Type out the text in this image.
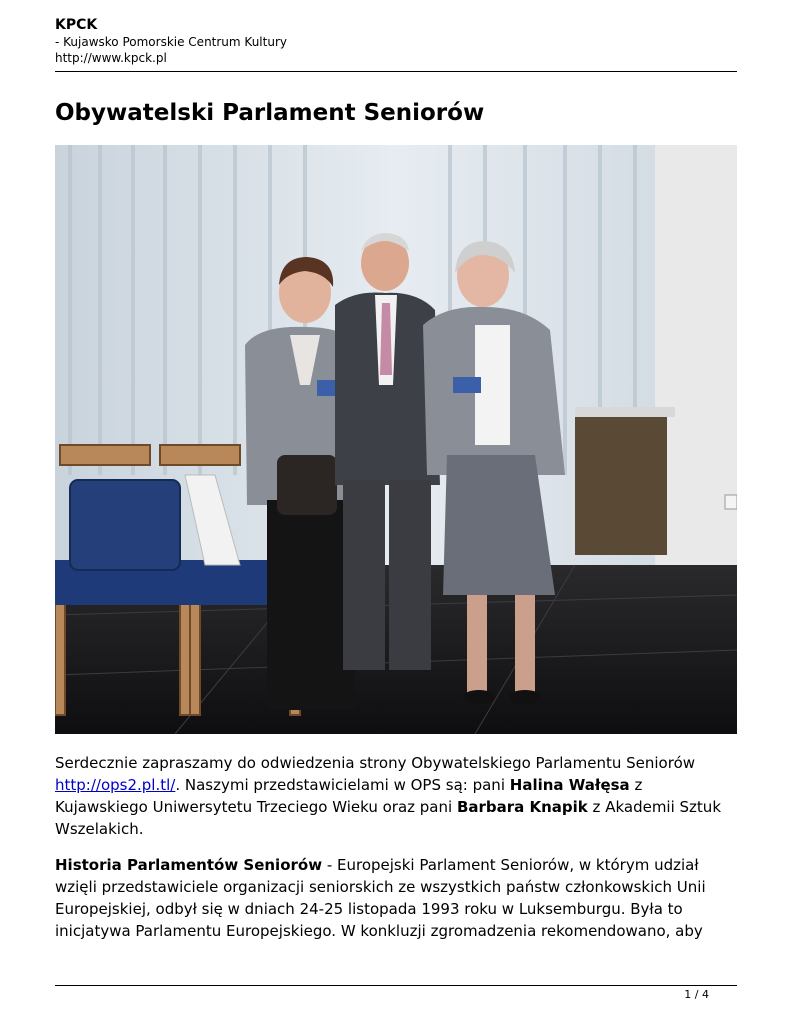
KPCK
- Kujawsko Pomorskie Centrum Kultury
http://www.kpck.pl
Obywatelski Parlament Seniorów

Serdecznie zapraszamy do odwiedzenia strony Obywatelskiego Parlamentu Seniorów http://ops2.pl.tl/. Naszymi przedstawicielami w OPS są: pani Halina Wałęsa z Kujawskiego Uniwersytetu Trzeciego Wieku oraz pani Barbara Knapik z Akademii Sztuk Wszelakich.

Historia Parlamentów Seniorów - Europejski Parlament Seniorów, w którym udział wzięli przedstawiciele organizacji seniorskich ze wszystkich państw członkowskich Unii Europejskiej, odbył się w dniach 24-25 listopada 1993 roku w Luksemburgu. Była to inicjatywa Parlamentu Europejskiego. W konkluzji zgromadzenia rekomendowano, aby

1 / 4
